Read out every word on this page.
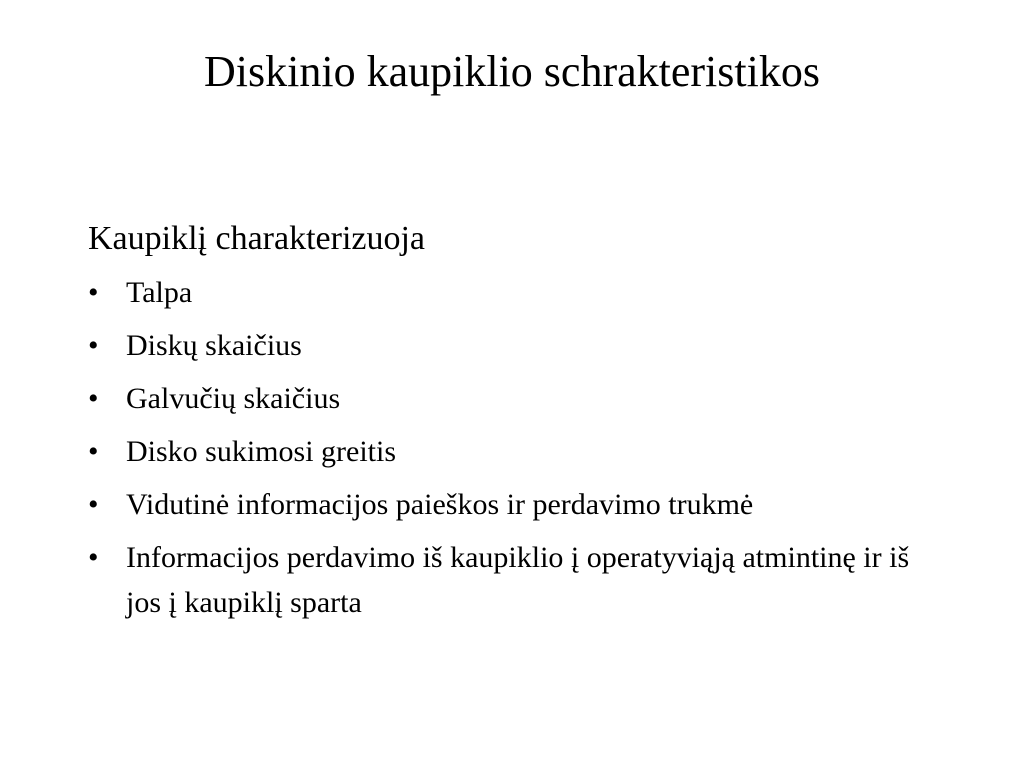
Diskinio kaupiklio schrakteristikos

Kaupiklį charakterizuoja

• Talpa
• Diskų skaičius
• Galvučių skaičius
• Disko sukimosi greitis
• Vidutinė informacijos paieškos ir perdavimo trukmė
• Informacijos perdavimo iš kaupiklio į operatyviąją atmintinę ir iš jos į kaupiklį sparta
